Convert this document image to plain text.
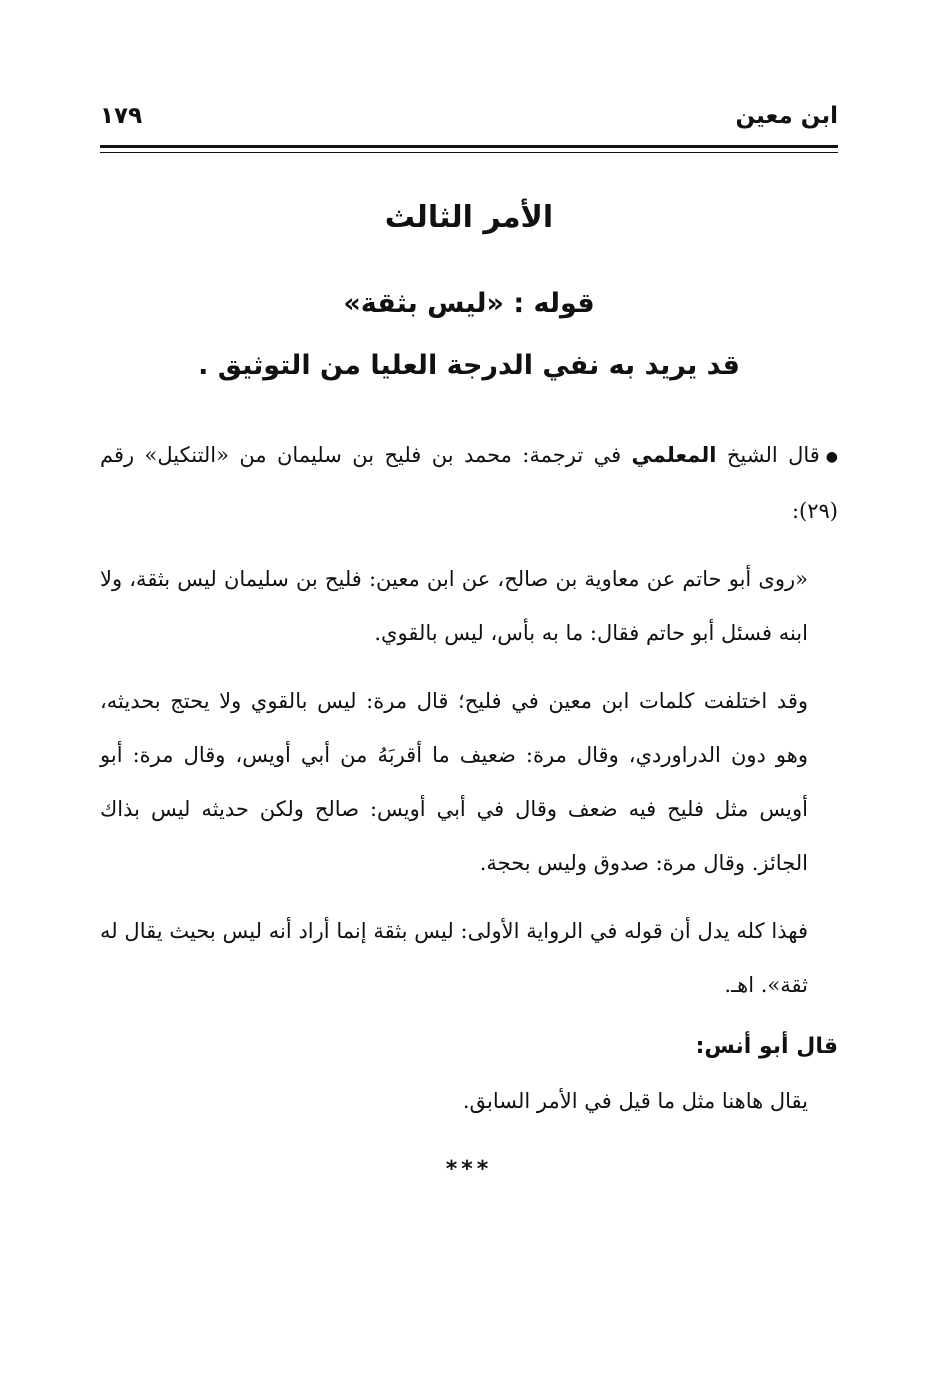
ابن معين
١٧٩
الأمر الثالث
قوله : «ليس بثقة»
قد يريد به نفي الدرجة العليا من التوثيق .

●قال الشيخ المعلمي في ترجمة: محمد بن فليح بن سليمان من «التنكيل» رقم (٢٩):

«روى أبو حاتم عن معاوية بن صالح، عن ابن معين: فليح بن سليمان ليس بثقة، ولا ابنه فسئل أبو حاتم فقال: ما به بأس، ليس بالقوي.

وقد اختلفت كلمات ابن معين في فليح؛ قال مرة: ليس بالقوي ولا يحتج بحديثه، وهو دون الدراوردي، وقال مرة: ضعيف ما أقربَهُ من أبي أويس، وقال مرة: أبو أويس مثل فليح فيه ضعف وقال في أبي أويس: صالح ولكن حديثه ليس بذاك الجائز. وقال مرة: صدوق وليس بحجة.

فهذا كله يدل أن قوله في الرواية الأولى: ليس بثقة إنما أراد أنه ليس بحيث يقال له ثقة». اهـ.

قال أبو أنس:

يقال هاهنا مثل ما قيل في الأمر السابق.

***
